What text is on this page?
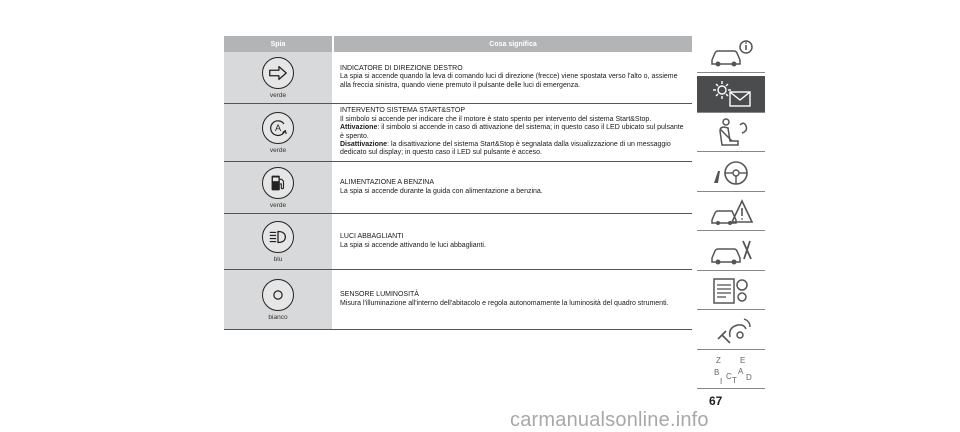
Spia	Cosa significa
verde
INDICATORE DI DIREZIONE DESTRO
La spia si accende quando la leva di comando luci di direzione (frecce) viene spostata verso l'alto o, assieme alla freccia sinistra, quando viene premuto il pulsante delle luci di emergenza.
A
verde
INTERVENTO SISTEMA START&STOP
Il simbolo si accende per indicare che il motore è stato spento per intervento del sistema Start&Stop.
Attivazione: il simbolo si accende in caso di attivazione del sistema; in questo caso il LED ubicato sul pulsante è spento.
Disattivazione: la disattivazione del sistema Start&Stop è segnalata dalla visualizzazione di un messaggio dedicato sul display; in questo caso il LED sul pulsante è acceso.
verde
ALIMENTAZIONE A BENZINA
La spia si accende durante la guida con alimentazione a benzina.
blu
LUCI ABBAGLIANTI
La spia si accende attivando le luci abbaglianti.
bianco
SENSORE LUMINOSITÀ
Misura l'illuminazione all'interno dell'abitacolo e regola autonomamente la luminosità del quadro strumenti.
Z E
A
B
D
C T
I
67
carmanualsonline.info
